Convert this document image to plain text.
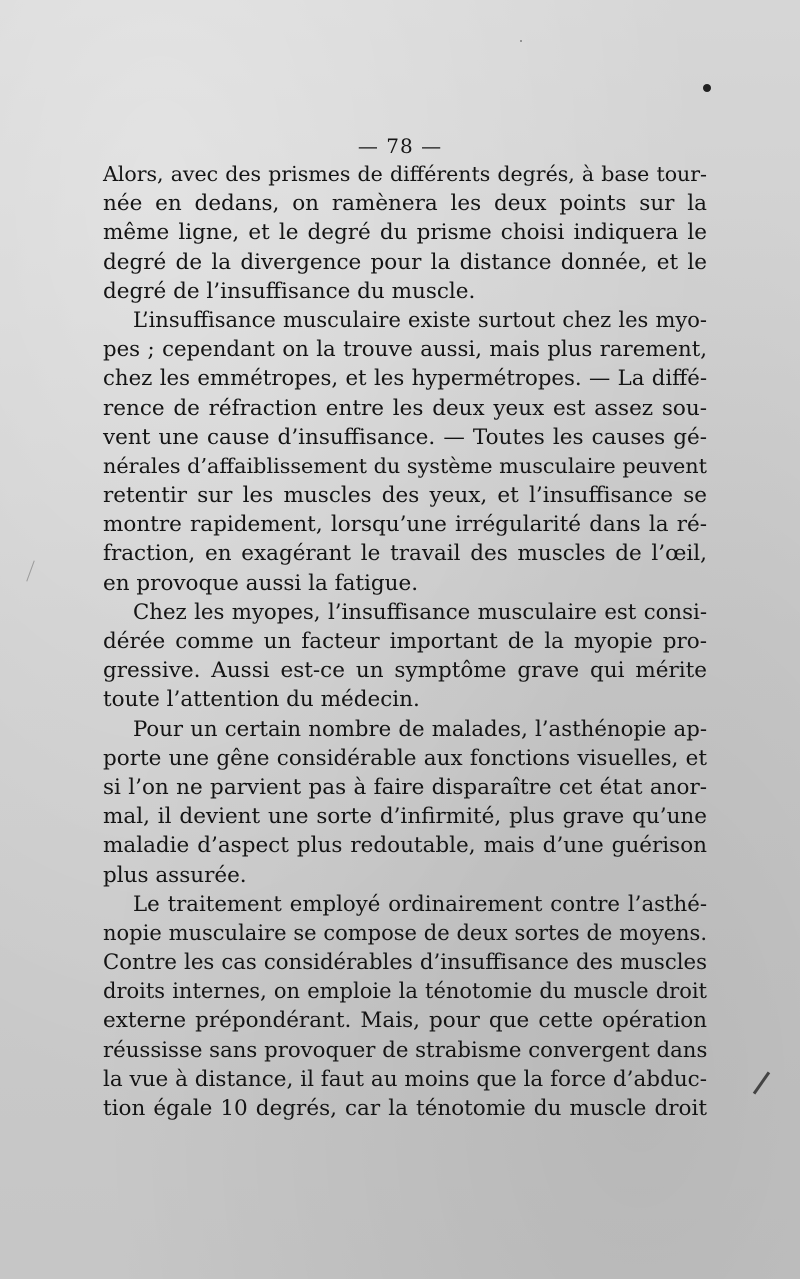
— 78 —
Alors, avec des prismes de différents degrés, à base tour-
née en dedans, on ramènera les deux points sur la
même ligne, et le degré du prisme choisi indiquera le
degré de la divergence pour la distance donnée, et le
degré de l’insuffisance du muscle.
L’insuffisance musculaire existe surtout chez les myo-
pes ; cependant on la trouve aussi, mais plus rarement,
chez les emmétropes, et les hypermétropes. — La diffé-
rence de réfraction entre les deux yeux est assez sou-
vent une cause d’insuffisance. — Toutes les causes gé-
nérales d’affaiblissement du système musculaire peuvent
retentir sur les muscles des yeux, et l’insuffisance se
montre rapidement, lorsqu’une irrégularité dans la ré-
fraction, en exagérant le travail des muscles de l’œil,
en provoque aussi la fatigue.
Chez les myopes, l’insuffisance musculaire est consi-
dérée comme un facteur important de la myopie pro-
gressive. Aussi est-ce un symptôme grave qui mérite
toute l’attention du médecin.
Pour un certain nombre de malades, l’asthénopie ap-
porte une gêne considérable aux fonctions visuelles, et
si l’on ne parvient pas à faire disparaître cet état anor-
mal, il devient une sorte d’infirmité, plus grave qu’une
maladie d’aspect plus redoutable, mais d’une guérison
plus assurée.
Le traitement employé ordinairement contre l’asthé-
nopie musculaire se compose de deux sortes de moyens.
Contre les cas considérables d’insuffisance des muscles
droits internes, on emploie la ténotomie du muscle droit
externe prépondérant. Mais, pour que cette opération
réussisse sans provoquer de strabisme convergent dans
la vue à distance, il faut au moins que la force d’abduc-
tion égale 10 degrés, car la ténotomie du muscle droit
